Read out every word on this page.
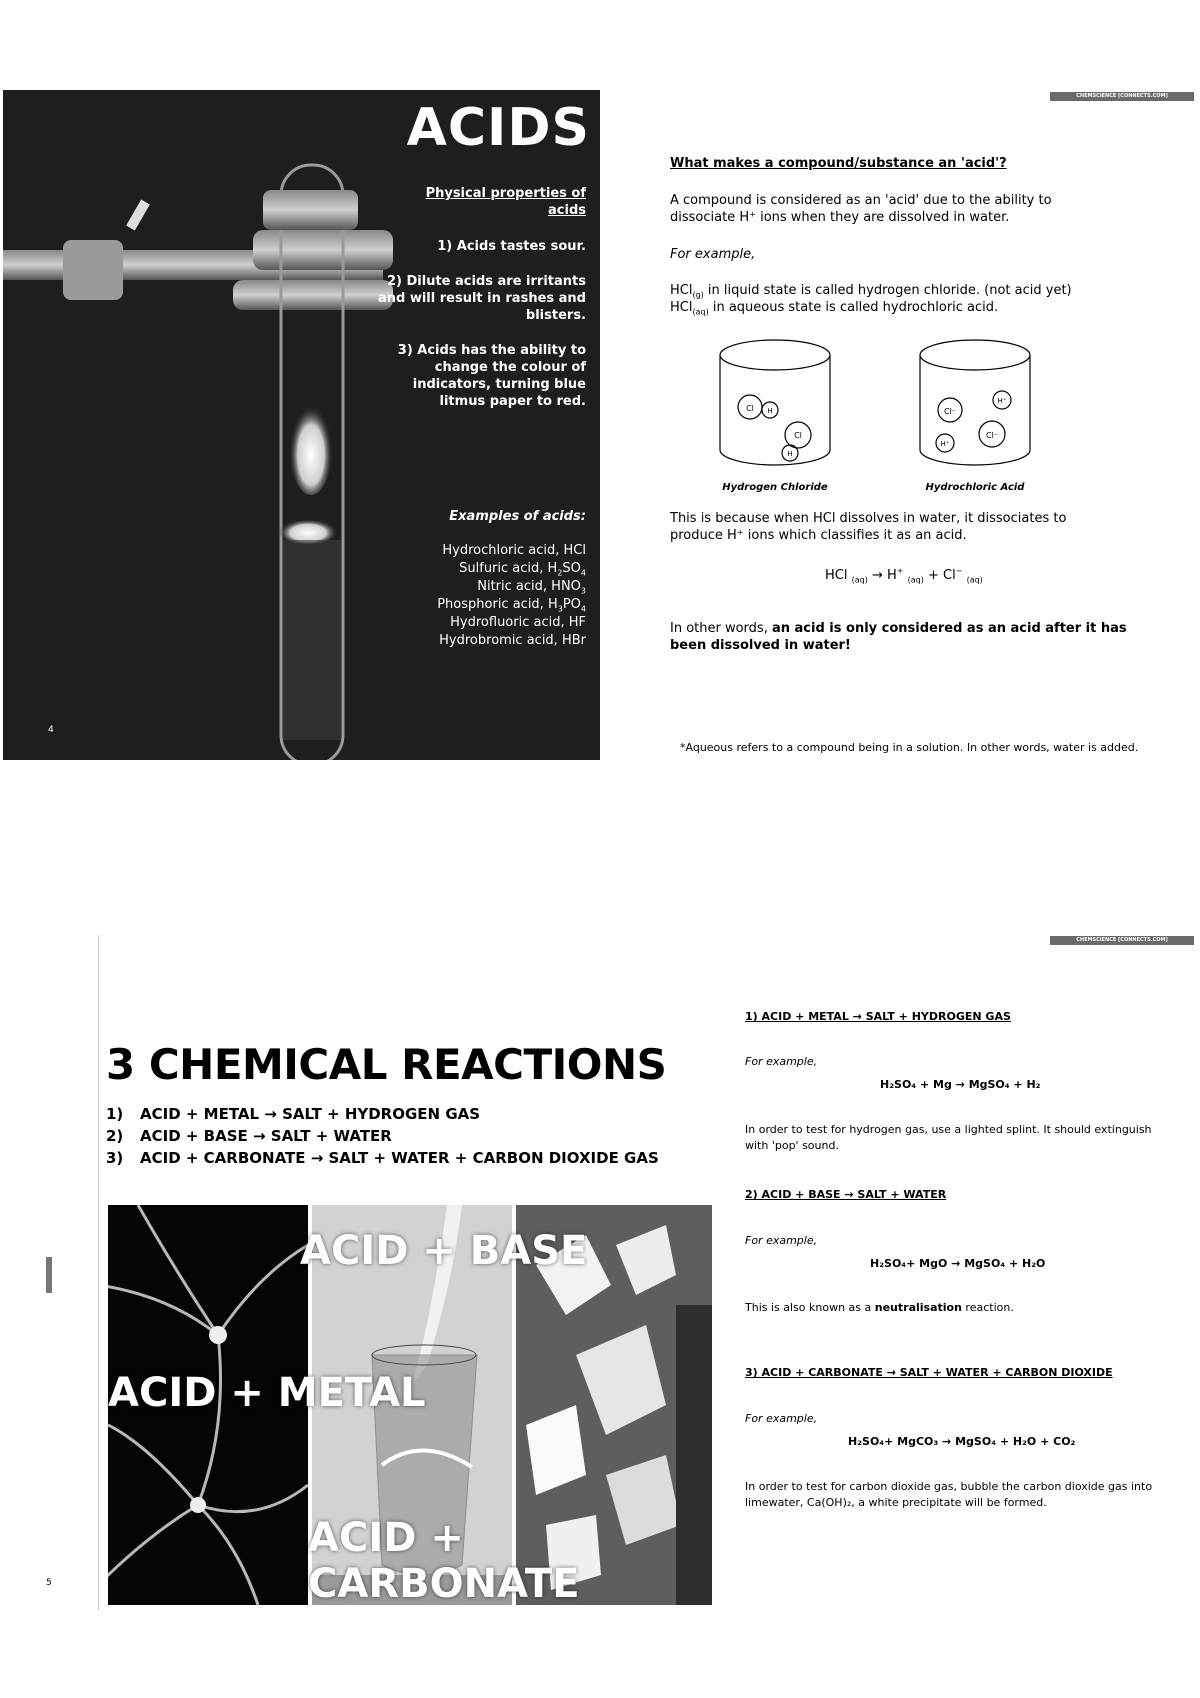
ACIDS
Physical properties of acids
1) Acids tastes sour.
2) Dilute acids are irritants and will result in rashes and blisters.
3) Acids has the ability to change the colour of indicators, turning blue litmus paper to red.
Examples of acids:
Hydrochloric acid, HCl
Sulfuric acid, $H_2SO_4$
Nitric acid, $HNO_3$
Phosphoric acid, $H_3PO_4$
Hydrofluoric acid, HF
Hydrobromic acid, HBr
4
CHEMSCIENCE [CONNECTS.COM]
What makes a compound/substance an 'acid'?
A compound is considered as an 'acid' due to the ability to dissociate H⁺ ions when they are dissolved in water.
For example,
HCl$_{(g)}$ in liquid state is called hydrogen chloride. (not acid yet)
HCl$_{(aq)}$ in aqueous state is called hydrochloric acid.
Cl H
Cl
H
Cl⁻
H⁺
Cl⁻
H⁺
Hydrogen Chloride	Hydrochloric Acid
This is because when HCl dissolves in water, it dissociates to produce H⁺ ions which classifies it as an acid.
HCl $_{(aq)}$ → H+ $_{(aq)}$ + Cl− $_{(aq)}$
In other words, an acid is only considered as an acid after it has been dissolved in water!
*Aqueous refers to a compound being in a solution. In other words, water is added.
5
CHEMSCIENCE [CONNECTS.COM]
3 CHEMICAL REACTIONS
1) ACID + METAL → SALT + HYDROGEN GAS
2) ACID + BASE → SALT + WATER
3) ACID + CARBONATE → SALT + WATER + CARBON DIOXIDE GAS
ACID + METAL
ACID + BASE
ACID +
CARBONATE
1) ACID + METAL → SALT + HYDROGEN GAS
For example,
H₂SO₄ + Mg → MgSO₄ + H₂
In order to test for hydrogen gas, use a lighted splint. It should extinguish with 'pop' sound.
2) ACID + BASE → SALT + WATER
For example,
H₂SO₄+ MgO → MgSO₄ + H₂O
This is also known as a neutralisation reaction.
3) ACID + CARBONATE → SALT + WATER + CARBON DIOXIDE
For example,
H₂SO₄+ MgCO₃ → MgSO₄ + H₂O + CO₂
In order to test for carbon dioxide gas, bubble the carbon dioxide gas into limewater, Ca(OH)₂, a white precipitate will be formed.
